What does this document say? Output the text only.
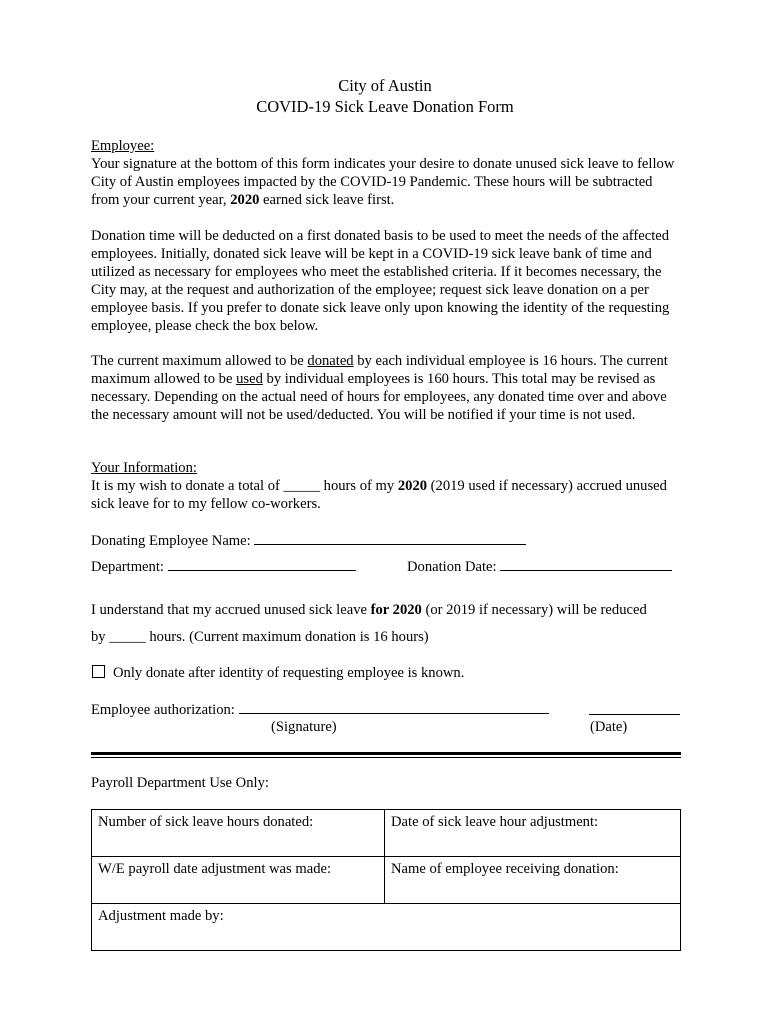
City of Austin
COVID-19 Sick Leave Donation Form
Employee:

Your signature at the bottom of this form indicates your desire to donate unused sick leave to fellow City of Austin employees impacted by the COVID-19 Pandemic. These hours will be subtracted from your current year, 2020 earned sick leave first.

Donation time will be deducted on a first donated basis to be used to meet the needs of the affected employees. Initially, donated sick leave will be kept in a COVID-19 sick leave bank of time and utilized as necessary for employees who meet the established criteria. If it becomes necessary, the City may, at the request and authorization of the employee; request sick leave donation on a per employee basis. If you prefer to donate sick leave only upon knowing the identity of the requesting employee, please check the box below.

The current maximum allowed to be donated by each individual employee is 16 hours. The current maximum allowed to be used by individual employees is 160 hours. This total may be revised as necessary. Depending on the actual need of hours for employees, any donated time over and above the necessary amount will not be used/deducted. You will be notified if your time is not used.

Your Information:

It is my wish to donate a total of _____ hours of my 2020 (2019 used if necessary) accrued unused sick leave for to my fellow co-workers.

Donating Employee Name:
Department:	Donation Date:
I understand that my accrued unused sick leave for 2020 (or 2019 if necessary) will be reduced
by _____ hours. (Current maximum donation is 16 hours)
Only donate after identity of requesting employee is known.
Employee authorization:
(Signature)	(Date)
Payroll Department Use Only:
Number of sick leave hours donated:	Date of sick leave hour adjustment:
W/E payroll date adjustment was made:	Name of employee receiving donation:
Adjustment made by:	
